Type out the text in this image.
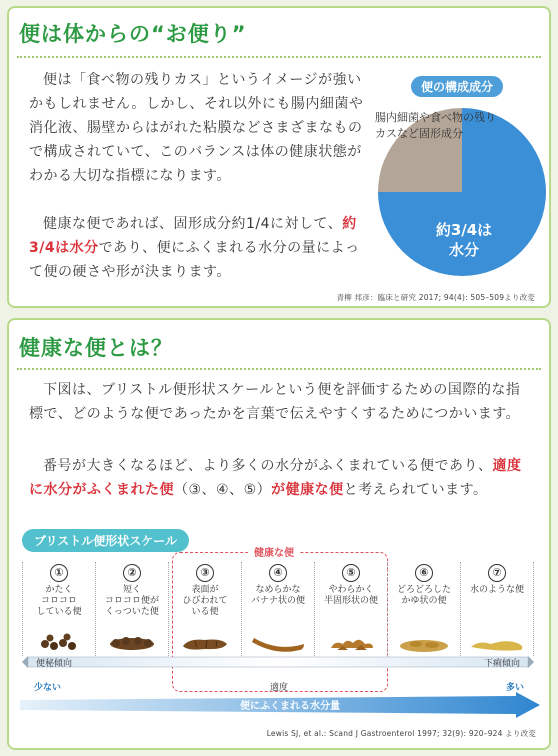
便は体からの“お便り”
便は「食べ物の残りカス」というイメージが強いかもしれません。しかし、それ以外にも腸内細菌や消化液、腸壁からはがれた粘膜などさまざまなもので構成されていて、このバランスは体の健康状態がわかる大切な指標になります。
健康な便であれば、固形成分約1/4に対して、約3/4は水分であり、便にふくまれる水分の量によって便の硬さや形が決まります。
便の構成成分
腸内細菌や食べ物の残りカスなど固形成分
約3/4は
水分
青柳 邦彦：臨床と研究 2017; 94(4): 505–509より改変
健康な便とは？
下図は、ブリストル便形状スケールという便を評価するための国際的な指標で、どのような便であったかを言葉で伝えやすくするためにつかいます。
番号が大きくなるほど、より多くの水分がふくまれている便であり、適度に水分がふくまれた便（③、④、⑤）が健康な便と考えられています。
ブリストル便形状スケール
健康な便
①
かたく
コロコロ
している便
②
短く
コロコロ便が
くっついた便
③
表面が
ひびわれて
いる便
④
なめらかな
バナナ状の便
⑤
やわらかく
半固形状の便
⑥
どろどろした
かゆ状の便
⑦
水のような便
便秘傾向	下痢傾向
少ない	適度	多い
便にふくまれる水分量
Lewis SJ, et al.: Scand J Gastroenterol 1997; 32(9): 920–924 より改変
